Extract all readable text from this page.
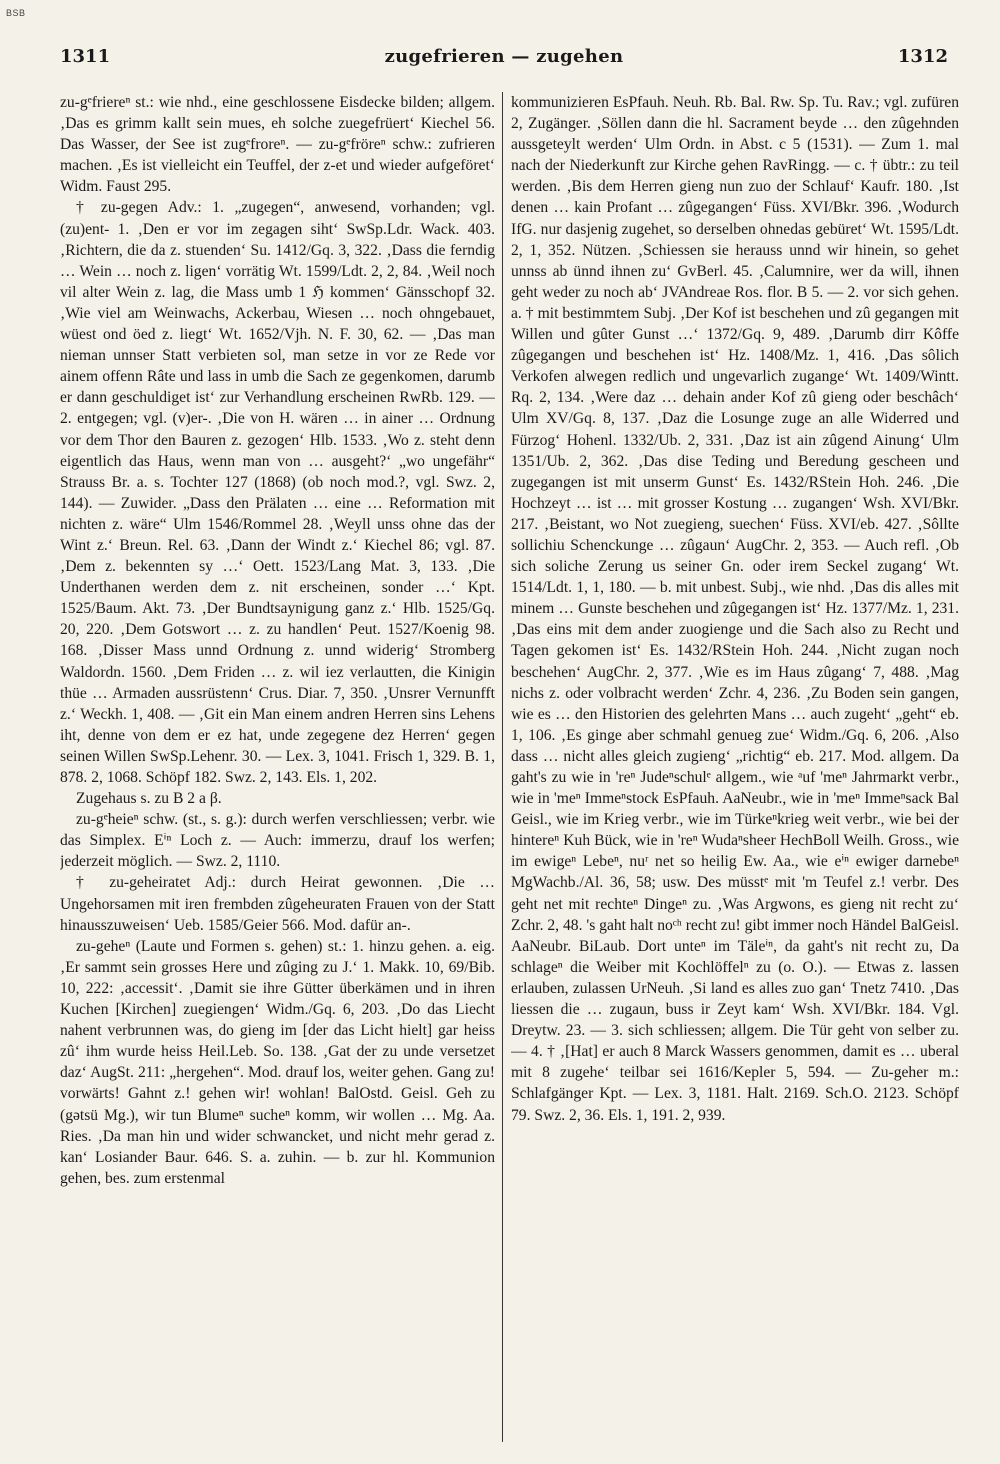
BSB
1311	zugefrieren — zugehen	1312

zu-gᵉfriereⁿ st.: wie nhd., eine geschlossene Eisdecke bilden; allgem. ‚Das es grimm kallt sein mues, eh solche zuegefrüert‘ Kiechel 56. Das Wasser, der See ist zugᵉfroreⁿ. — zu-gᵉfröreⁿ schw.: zufrieren machen. ‚Es ist vielleicht ein Teuffel, der z-et und wieder aufgeföret‘ Widm. Faust 295.

† zu-gegen Adv.: 1. „zugegen“, anwesend, vorhanden; vgl. (zu)ent- 1. ‚Den er vor im zegagen siht‘ SwSp.Ldr. Wack. 403. ‚Richtern, die da z. stuenden‘ Su. 1412/Gq. 3, 322. ‚Dass die ferndig … Wein … noch z. ligen‘ vorrätig Wt. 1599/Ldt. 2, 2, 84. ‚Weil noch vil alter Wein z. lag, die Mass umb 1 ℌ kommen‘ Gänsschopf 32. ‚Wie viel am Weinwachs, Ackerbau, Wiesen … noch ohngebauet, wüest ond öed z. liegt‘ Wt. 1652/Vjh. N. F. 30, 62. — ‚Das man nieman unnser Statt verbieten sol, man setze in vor ze Rede vor ainem offenn Râte und lass in umb die Sach ze gegenkomen, darumb er dann geschuldiget ist‘ zur Verhandlung erscheinen RwRb. 129. — 2. entgegen; vgl. (v)er-. ‚Die von H. wären … in ainer … Ordnung vor dem Thor den Bauren z. gezogen‘ Hlb. 1533. ‚Wo z. steht denn eigentlich das Haus, wenn man von … ausgeht?‘ „wo ungefähr“ Strauss Br. a. s. Tochter 127 (1868) (ob noch mod.?, vgl. Swz. 2, 144). — Zuwider. „Dass den Prälaten … eine … Reformation mit nichten z. wäre“ Ulm 1546/Rommel 28. ‚Weyll unss ohne das der Wint z.‘ Breun. Rel. 63. ‚Dann der Windt z.‘ Kiechel 86; vgl. 87. ‚Dem z. bekennten sy …‘ Oett. 1523/Lang Mat. 3, 133. ‚Die Underthanen werden dem z. nit erscheinen, sonder …‘ Kpt. 1525/Baum. Akt. 73. ‚Der Bundtsaynigung ganz z.‘ Hlb. 1525/Gq. 20, 220. ‚Dem Gotswort … z. zu handlen‘ Peut. 1527/Koenig 98. 168. ‚Disser Mass unnd Ordnung z. unnd widerig‘ Stromberg Waldordn. 1560. ‚Dem Friden … z. wil iez verlautten, die Kinigin thüe … Armaden aussrüstenn‘ Crus. Diar. 7, 350. ‚Unsrer Vernunfft z.‘ Weckh. 1, 408. — ‚Git ein Man einem andren Herren sins Lehens iht, denne von dem er ez hat, unde zegegene dez Herren‘ gegen seinen Willen SwSp.Lehenr. 30. — Lex. 3, 1041. Frisch 1, 329. B. 1, 878. 2, 1068. Schöpf 182. Swz. 2, 143. Els. 1, 202.

Zugehaus s. zu B 2 a β.

zu-gᵉheieⁿ schw. (st., s. g.): durch werfen verschliessen; verbr. wie das Simplex. Eⁱⁿ Loch z. — Auch: immerzu, drauf los werfen; jederzeit möglich. — Swz. 2, 1110.

† zu-geheiratet Adj.: durch Heirat gewonnen. ‚Die … Ungehorsamen mit iren frembden zûgeheuraten Frauen von der Statt hinausszuweisen‘ Ueb. 1585/Geier 566. Mod. dafür an-.

zu-geheⁿ (Laute und Formen s. gehen) st.: 1. hinzu gehen. a. eig. ‚Er sammt sein grosses Here und zûging zu J.‘ 1. Makk. 10, 69/Bib. 10, 222: ‚accessit‘. ‚Damit sie ihre Gütter überkämen und in ihren Kuchen [Kirchen] zuegiengen‘ Widm./Gq. 6, 203. ‚Do das Liecht nahent verbrunnen was, do gieng im [der das Licht hielt] gar heiss zû‘ ihm wurde heiss Heil.Leb. So. 138. ‚Gat der zu unde versetzet daz‘ AugSt. 211: „hergehen“. Mod. drauf los, weiter gehen. Gang zu! vorwärts! Gahnt z.! gehen wir! wohlan! BalOstd. Geisl. Geh zu (gətsü Mg.), wir tun Blumeⁿ sucheⁿ komm, wir wollen … Mg. Aa. Ries. ‚Da man hin und wider schwancket, und nicht mehr gerad z. kan‘ Losiander Baur. 646. S. a. zuhin. — b. zur hl. Kommunion gehen, bes. zum erstenmal

kommunizieren EsPfauh. Neuh. Rb. Bal. Rw. Sp. Tu. Rav.; vgl. zufüren 2, Zugänger. ‚Söllen dann die hl. Sacrament beyde … den zûgehnden aussgeteylt werden‘ Ulm Ordn. in Abst. c 5 (1531). — Zum 1. mal nach der Niederkunft zur Kirche gehen RavRingg. — c. † übtr.: zu teil werden. ‚Bis dem Herren gieng nun zuo der Schlauf‘ Kaufr. 180. ‚Ist denen … kain Profant … zûgegangen‘ Füss. XVI/Bkr. 396. ‚Wodurch IfG. nur dasjenig zugehet, so derselben ohnedas gebüret‘ Wt. 1595/Ldt. 2, 1, 352. Nützen. ‚Schiessen sie herauss unnd wir hinein, so gehet unnss ab ünnd ihnen zu‘ GvBerl. 45. ‚Calumnire, wer da will, ihnen geht weder zu noch ab‘ JVAndreae Ros. flor. B 5. — 2. vor sich gehen. a. † mit bestimmtem Subj. ‚Der Kof ist beschehen und zû gegangen mit Willen und gûter Gunst …‘ 1372/Gq. 9, 489. ‚Darumb dirr Kôffe zûgegangen und beschehen ist‘ Hz. 1408/Mz. 1, 416. ‚Das sôlich Verkofen alwegen redlich und ungevarlich zugange‘ Wt. 1409/Wintt. Rq. 2, 134. ‚Were daz … dehain ander Kof zû gieng oder beschâch‘ Ulm XV/Gq. 8, 137. ‚Daz die Losunge zuge an alle Widerred und Fürzog‘ Hohenl. 1332/Ub. 2, 331. ‚Daz ist ain zûgend Ainung‘ Ulm 1351/Ub. 2, 362. ‚Das dise Teding und Beredung gescheen und zugegangen ist mit unserm Gunst‘ Es. 1432/RStein Hoh. 246. ‚Die Hochzeyt … ist … mit grosser Kostung … zugangen‘ Wsh. XVI/Bkr. 217. ‚Beistant, wo Not zuegieng, suechen‘ Füss. XVI/eb. 427. ‚Sôllte sollichiu Schenckunge … zûgaun‘ AugChr. 2, 353. — Auch refl. ‚Ob sich soliche Zerung us seiner Gn. oder irem Seckel zugang‘ Wt. 1514/Ldt. 1, 1, 180. — b. mit unbest. Subj., wie nhd. ‚Das dis alles mit minem … Gunste beschehen und zûgegangen ist‘ Hz. 1377/Mz. 1, 231. ‚Das eins mit dem ander zuogienge und die Sach also zu Recht und Tagen gekomen ist‘ Es. 1432/RStein Hoh. 244. ‚Nicht zugan noch beschehen‘ AugChr. 2, 377. ‚Wie es im Haus zûgang‘ 7, 488. ‚Mag nichs z. oder volbracht werden‘ Zchr. 4, 236. ‚Zu Boden sein gangen, wie es … den Historien des gelehrten Mans … auch zugeht‘ „geht“ eb. 1, 106. ‚Es ginge aber schmahl genueg zue‘ Widm./Gq. 6, 206. ‚Also dass … nicht alles gleich zugieng‘ „richtig“ eb. 217. Mod. allgem. Da gaht's zu wie in 'reⁿ Judeⁿschulᵉ allgem., wie ᵃuf 'meⁿ Jahrmarkt verbr., wie in 'meⁿ Immeⁿstock EsPfauh. AaNeubr., wie in 'meⁿ Immeⁿsack Bal Geisl., wie im Krieg verbr., wie im Türkeⁿkrieg weit verbr., wie bei der hintereⁿ Kuh Bück, wie in 'reⁿ Wudaⁿsheer HechBoll Weilh. Gross., wie im ewigeⁿ Lebeⁿ, nuʳ net so heilig Ew. Aa., wie eⁱⁿ ewiger darnebeⁿ MgWachb./Al. 36, 58; usw. Des müsstᵉ mit 'm Teufel z.! verbr. Des geht net mit rechteⁿ Dingeⁿ zu. ‚Was Argwons, es gieng nit recht zu‘ Zchr. 2, 48. 's gaht halt noᶜʰ recht zu! gibt immer noch Händel BalGeisl. AaNeubr. BiLaub. Dort unteⁿ im Täleⁱⁿ, da gaht's nit recht zu, Da schlageⁿ die Weiber mit Kochlöffelⁿ zu (o. O.). — Etwas z. lassen erlauben, zulassen UrNeuh. ‚Si land es alles zuo gan‘ Tnetz 7410. ‚Das liessen die … zugaun, buss ir Zeyt kam‘ Wsh. XVI/Bkr. 184. Vgl. Dreytw. 23. — 3. sich schliessen; allgem. Die Tür geht von selber zu. — 4. † ‚[Hat] er auch 8 Marck Wassers genommen, damit es … uberal mit 8 zugehe‘ teilbar sei 1616/Kepler 5, 594. — Zu-geher m.: Schlafgänger Kpt. — Lex. 3, 1181. Halt. 2169. Sch.O. 2123. Schöpf 79. Swz. 2, 36. Els. 1, 191. 2, 939.
